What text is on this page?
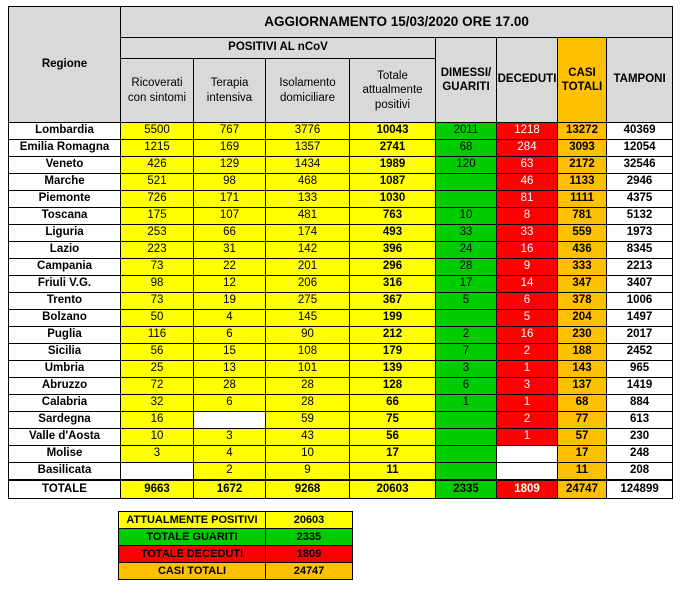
Regione	AGGIORNAMENTO 15/03/2020 ORE 17.00							
	POSITIVI AL nCoV				DIMESSI/ GUARITI	DECEDUTI	CASI TOTALI	TAMPONI
	Ricoverati con sintomi	Terapia intensiva	Isolamento domiciliare	Totale attualmente positivi				
Lombardia	5500	767	3776	10043	2011	1218	13272	40369
Emilia Romagna	1215	169	1357	2741	68	284	3093	12054
Veneto	426	129	1434	1989	120	63	2172	32546
Marche	521	98	468	1087		46	1133	2946
Piemonte	726	171	133	1030		81	1111	4375
Toscana	175	107	481	763	10	8	781	5132
Liguria	253	66	174	493	33	33	559	1973
Lazio	223	31	142	396	24	16	436	8345
Campania	73	22	201	296	28	9	333	2213
Friuli V.G.	98	12	206	316	17	14	347	3407
Trento	73	19	275	367	5	6	378	1006
Bolzano	50	4	145	199		5	204	1497
Puglia	116	6	90	212	2	16	230	2017
Sicilia	56	15	108	179	7	2	188	2452
Umbria	25	13	101	139	3	1	143	965
Abruzzo	72	28	28	128	6	3	137	1419
Calabria	32	6	28	66	1	1	68	884
Sardegna	16		59	75		2	77	613
Valle d'Aosta	10	3	43	56		1	57	230
Molise	3	4	10	17			17	248
Basilicata		2	9	11			11	208
TOTALE	9663	1672	9268	20603	2335	1809	24747	124899
ATTUALMENTE POSITIVI	20603
TOTALE GUARITI	2335
TOTALE DECEDUTI	1809
CASI TOTALI	24747
